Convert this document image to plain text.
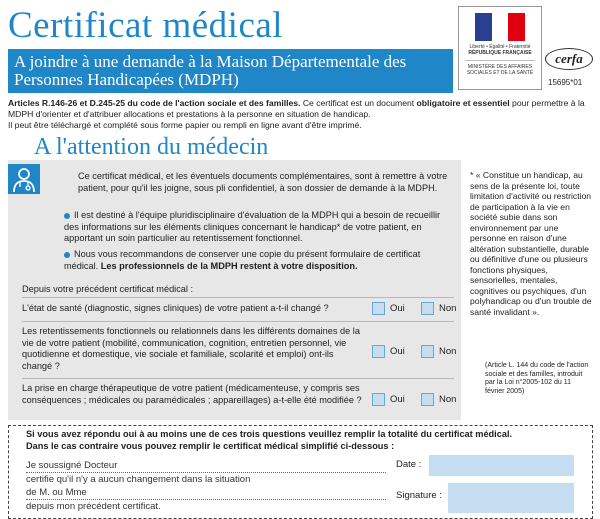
Certificat médical
A joindre à une demande à la Maison Départementale des Personnes Handicapées (MDPH)
Liberté • Égalité • Fraternité
RÉPUBLIQUE FRANÇAISE
MINISTÈRE DES AFFAIRES SOCIALES ET DE LA SANTÉ
cerfa
15695*01
Articles R.146-26 et D.245-25 du code de l'action sociale et des familles. Ce certificat est un document obligatoire et essentiel pour permettre à la MDPH d'orienter et d'attribuer allocations et prestations à la personne en situation de handicap.
Il peut être téléchargé et complété sous forme papier ou rempli en ligne avant d'être imprimé.
A l'attention du médecin
Ce certificat médical, et les éventuels documents complémentaires, sont à remettre à votre patient, pour qu'il les joigne, sous pli confidentiel, à son dossier de demande à la MDPH.
Il est destiné à l'équipe pluridisciplinaire d'évaluation de la MDPH qui a besoin de recueillir des informations sur les éléments cliniques concernant le handicap* de votre patient, en apportant un soin particulier au retentissement fonctionnel.
Nous vous recommandons de conserver une copie du présent formulaire de certificat médical. Les professionnels de la MDPH restent à votre disposition.
Depuis votre précédent certificat médical :
L'état de santé (diagnostic, signes cliniques) de votre patient a-t-il changé ?	Oui	Non
Les retentissements fonctionnels ou relationnels dans les différents domaines de la vie de votre patient (mobilité, communication, cognition, entretien personnel, vie quotidienne et domestique, vie sociale et familiale, scolarité et emploi) ont-ils changé ?
Oui	Non
La prise en charge thérapeutique de votre patient (médicamenteuse, y compris ses conséquences ; médicales ou paramédicales ; appareillages) a-t-elle été modifiée ?	Oui	Non
* « Constitue un handicap, au sens de la présente loi, toute limitation d'activité ou restriction de participation à la vie en société subie dans son environnement par une personne en raison d'une altération substantielle, durable ou définitive d'une ou plusieurs fonctions physiques, sensorielles, mentales, cognitives ou psychiques, d'un polyhandicap ou d'un trouble de santé invalidant ».
(Article L. 144 du code de l'action sociale et des familles, introduit par la Loi n°2005-102 du 11 février 2005)
Si vous avez répondu oui à au moins une de ces trois questions veuillez remplir la totalité du certificat médical.
Dans le cas contraire vous pouvez remplir le certificat médical simplifié ci-dessous :
Je soussigné Docteur
certifie qu'il n'y a aucun changement dans la situation
de M. ou Mme
depuis mon précédent certificat.
Date :
Signature :
